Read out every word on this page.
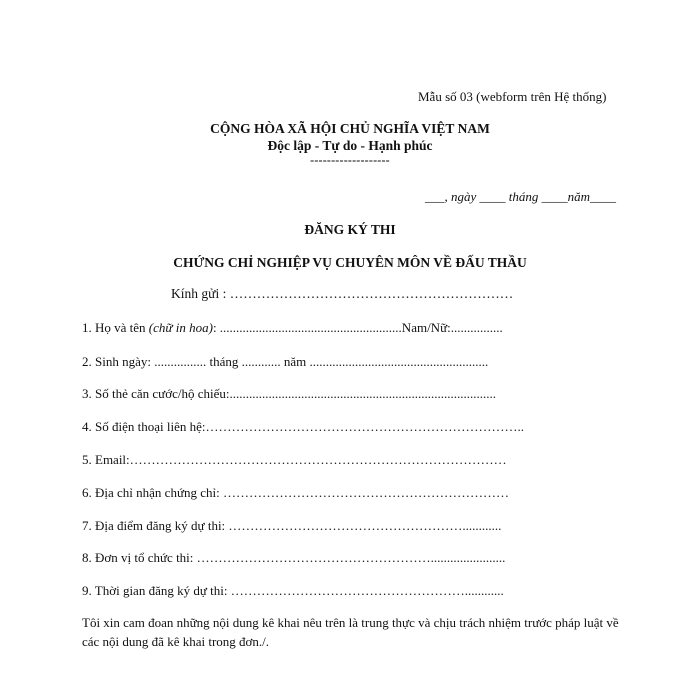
Mẫu số 03 (webform trên Hệ thống)
CỘNG HÒA XÃ HỘI CHỦ NGHĨA VIỆT NAM
Độc lập - Tự do - Hạnh phúc
-------------------
___, ngày ____ tháng ____năm____
ĐĂNG KÝ THI
CHỨNG CHỈ NGHIỆP VỤ CHUYÊN MÔN VỀ ĐẤU THẦU
Kính gửi : ………………………………………………………
1. Họ và tên (chữ in hoa): ........................................................Nam/Nữ:................
2. Sinh ngày: ................ tháng ............ năm .......................................................
3. Số thẻ căn cước/hộ chiếu:..................................................................................
4. Số điện thoại liên hệ:………………………………………………………………..
5. Email:……………………………………………………………………………
6. Địa chỉ nhận chứng chỉ: …………………………………………………………
7. Địa điểm đăng ký dự thi: ………………………………………………............
8. Đơn vị tổ chức thi: ……………………………………………….......................
9. Thời gian đăng ký dự thi: ………………………………………………............
Tôi xin cam đoan những nội dung kê khai nêu trên là trung thực và chịu trách nhiệm trước pháp luật về các nội dung đã kê khai trong đơn./.
